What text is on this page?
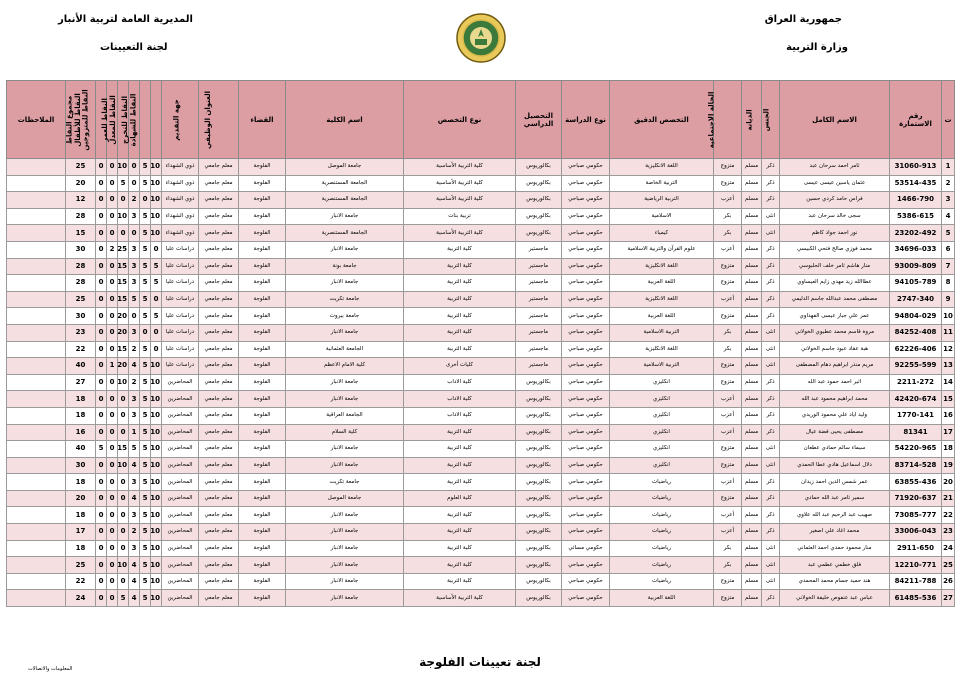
جمهورية العراق
وزارة التربية
المديرية العامة لتربية الأنبار
لجنة التعيينات
ت	رقم الاستمارة	الاسم الكامل	الجنس	الديانة	الحالة الاجتماعية	التخصص الدقيق	نوع الدراسة	التحصيل الدراسي	نوع التخصص	اسم الكلية	القضاء	العنوان الوظيفي	جهة التقديم	النقاط للشهادة	النقاط للتخرج	النقاط للمعدل	النقاط للعمر	النقاط للمتزوجين	النقاط للأطفال	مجموع النقاط	الملاحظات
1	31060-913	ثامر احمد سرحان عبد	ذكر	مسلم	متزوج	اللغة الانكليزية	حكومي صباحي	بكالوريوس	كلية التربية الأساسية	جامعة الموصل	الفلوجة	معلم جامعي	ذوي الشهداء	10	5	0	10	0	0	25	
2	53514-435	عثمان ياسين عيسى عيسى	ذكر	مسلم	متزوج	التربية الخاصة	حكومي صباحي	بكالوريوس	كلية التربية الأساسية	الجامعة المستنصرية	الفلوجة	معلم جامعي	ذوي الشهداء	10	5	0	5	0	0	20	
3	1466-790	فراس حامد كردي حسين	ذكر	مسلم	أعزب	التربية الرياضية	حكومي صباحي	بكالوريوس	كلية التربية الأساسية	الجامعة المستنصرية	الفلوجة	معلم جامعي	ذوي الشهداء	10	0	2	0	0	0	12	
4	5386-615	سجى خالد سرحان عبد	انثى	مسلم	بكر	الاسلامية	حكومي صباحي	بكالوريوس	تربية بنات	جامعة الانبار	الفلوجة	معلم جامعي	ذوي الشهداء	10	5	3	10	0	0	28	
5	23202-492	نور احمد جواد كاظم	انثى	مسلم	بكر	كيمياء	حكومي صباحي	بكالوريوس	كلية التربية الأساسية	الجامعة المستنصرية	الفلوجة	معلم جامعي	ذوي الشهداء	10	5	0	0	0	0	15	
6	34696-033	محمد فوزي صالح فتحي الكبيسي	ذكر	مسلم	أعزب	علوم القرآن والتربية الاسلامية	حكومي صباحي	ماجستير	كلية التربية	جامعة الانبار	الفلوجة	معلم جامعي	دراسات عليا	0	5	3	25	2	0	30	
7	93009-809	منار هاشم ثامر خلف الحلبوسي	ذكر	مسلم	متزوج	اللغة الانكليزية	حكومي صباحي	ماجستير	كلية التربية	جامعة بونة	الفلوجة	معلم جامعي	دراسات عليا	5	5	3	15	0	0	28	
8	94105-789	عطاالله زيد مهدي زايم العيساوي	ذكر	مسلم	متزوج	اللغة العربية	حكومي صباحي	ماجستير	كلية التربية	جامعة الانبار	الفلوجة	معلم جامعي	دراسات عليا	5	5	3	15	0	0	28	
9	2747-340	مصطفى محمد عبدالله جاسم الدليمي	ذكر	مسلم	أعزب	اللغة الانكليزية	حكومي صباحي	ماجستير	كلية التربية	جامعة تكريت	الفلوجة	معلم جامعي	دراسات عليا	0	5	5	15	0	0	25	
10	94804-029	عمر علي جبار عيسى الفهداوي	ذكر	مسلم	متزوج	اللغة العربية	حكومي صباحي	ماجستير	كلية التربية	جامعة بيروت	الفلوجة	معلم جامعي	دراسات عليا	5	5	0	20	0	0	30	
11	84252-408	مروة قاسم محمد عطيوي الخولاني	انثى	مسلم	بكر	التربية الاسلامية	حكومي صباحي	ماجستير	كلية التربية	جامعة الانبار	الفلوجة	معلم جامعي	دراسات عليا	0	0	3	20	0	0	23	
12	62226-406	هبة عقاد عبود جاسم الخولاني	انثى	مسلم	بكر	اللغة الانكليزية	حكومي صباحي	ماجستير	كلية التربية	الجامعة العثمانية	الفلوجة	معلم جامعي	دراسات عليا	0	5	2	15	0	0	22	
13	92255-599	مريم منذر ابراهيم دهام المصطفى	انثى	مسلم	متزوج	التربية الاسلامية	حكومي صباحي	ماجستير	كليات أخرى	كلية الامام الاعظم	الفلوجة	معلم جامعي	دراسات عليا	10	5	4	20	1	0	40	
14	2211-272	اثير احمد حمود عبد الله	ذكر	مسلم	متزوج	انكليزي	حكومي صباحي	بكالوريوس	كلية الاداب	جامعة الانبار	الفلوجة	معلم جامعي	المحاضرين	10	5	2	10	0	0	27	
15	42420-674	محمد ابراهيم محمود عبد الله	ذكر	مسلم	أعزب	انكليزي	حكومي صباحي	بكالوريوس	كلية الاداب	جامعة الانبار	الفلوجة	معلم جامعي	المحاضرين	10	5	3	0	0	0	18	
16	1770-141	وليد اياد علي محمود الوريدي	ذكر	مسلم	أعزب	انكليزي	حكومي صباحي	بكالوريوس	كلية الاداب	الجامعة العراقية	الفلوجة	معلم جامعي	المحاضرين	10	5	3	0	0	0	18	
17	81341	مصطفى يحيى فضة عيال	ذكر	مسلم	أعزب	انكليزي	حكومي صباحي	بكالوريوس	كلية التربية	كلية السلام	الفلوجة	معلم جامعي	المحاضرين	10	5	1	0	0	0	16	
18	54220-965	سيماء سالم حمادي عطعان	انثى	مسلم	متزوج	انكليزي	حكومي صباحي	بكالوريوس	كلية التربية	جامعة الانبار	الفلوجة	معلم جامعي	المحاضرين	10	5	5	15	0	5	40	
19	83714-528	دلال اسماعيل هادي عطا الحمدي	انثى	مسلم	متزوج	انكليزي	حكومي صباحي	بكالوريوس	كلية التربية	جامعة الانبار	الفلوجة	معلم جامعي	المحاضرين	10	5	4	10	0	0	30	
20	63855-436	عمر شمس الدين احمد زيدان	ذكر	مسلم	أعزب	رياضيات	حكومي صباحي	بكالوريوس	كلية التربية	جامعة تكريت	الفلوجة	معلم جامعي	المحاضرين	10	5	3	0	0	0	18	
21	71920-637	سمير ثامر عبد الله حمادي	ذكر	مسلم	متزوج	رياضيات	حكومي صباحي	بكالوريوس	كلية العلوم	جامعة الموصل	الفلوجة	معلم جامعي	المحاضرين	10	5	4	0	0	0	20	
22	73085-777	صهيب عبد الرحيم عبد الله علاوي	ذكر	مسلم	أعزب	رياضيات	حكومي صباحي	بكالوريوس	كلية التربية	جامعة الانبار	الفلوجة	معلم جامعي	المحاضرين	10	5	3	0	0	0	18	
23	33006-043	محمد اغاد علي اصغير	ذكر	مسلم	أعزب	رياضيات	حكومي صباحي	بكالوريوس	كلية التربية	جامعة الانبار	الفلوجة	معلم جامعي	المحاضرين	10	5	2	0	0	0	17	
24	2911-650	منار محمود حمدي احمد العثماني	انثى	مسلم	بكر	رياضيات	حكومي مسائي	بكالوريوس	كلية التربية	جامعة الانبار	الفلوجة	معلم جامعي	المحاضرين	10	5	3	0	0	0	18	
25	12210-771	فلق خطمي عطمي عبد	انثى	مسلم	بكر	رياضيات	حكومي صباحي	بكالوريوس	كلية التربية	جامعة الانبار	الفلوجة	معلم جامعي	المحاضرين	10	5	4	10	0	0	25	
26	84211-788	هند حميد جسام محمد المحمدي	انثى	مسلم	متزوج	رياضيات	حكومي صباحي	بكالوريوس	كلية التربية	جامعة الانبار	الفلوجة	معلم جامعي	المحاضرين	10	5	4	0	0	0	22	
27	61485-536	عباس عبد عنفوص خليفة الخولاني	ذكر	مسلم	متزوج	اللغة العربية	حكومي صباحي	بكالوريوس	كلية التربية الأساسية	جامعة الانبار	الفلوجة	معلم جامعي	المحاضرين	10	5	4	5	0	0	24	
لجنة تعيينات الفلوجة
المعلومات والاتصالات
